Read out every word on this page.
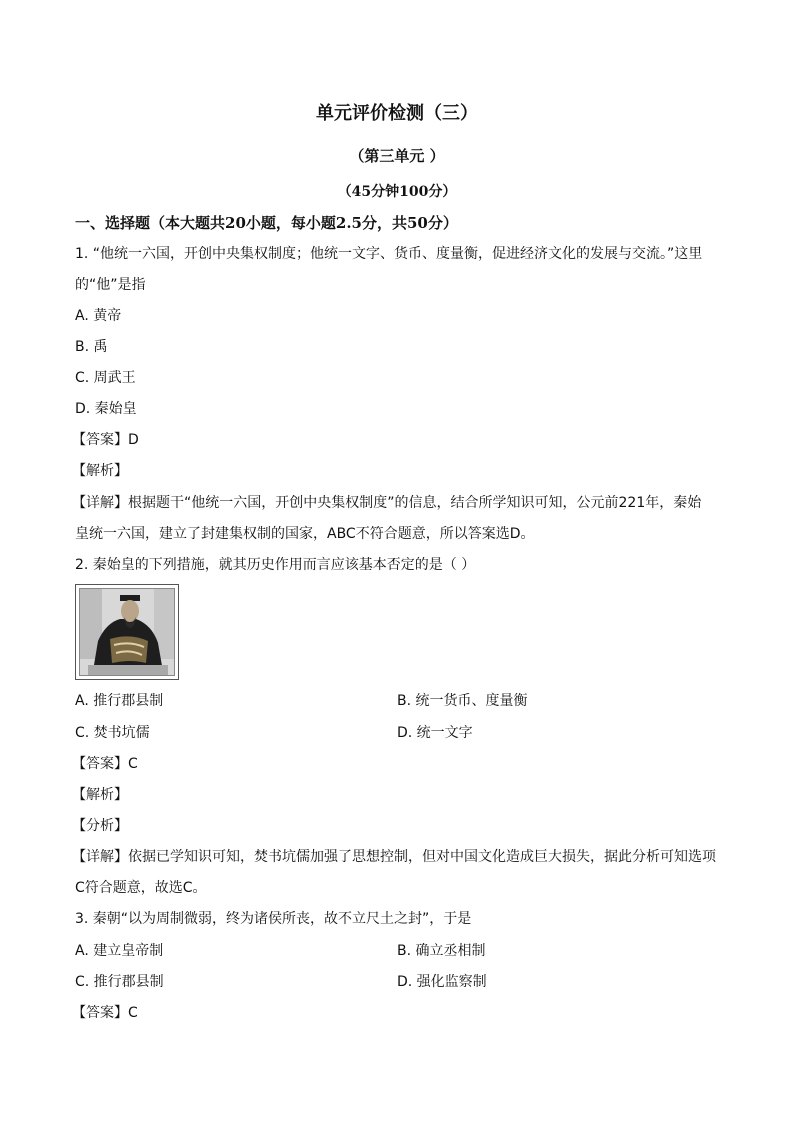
单元评价检测（三）
（第三单元 ）
（45分钟100分）
一、选择题（本大题共20小题，每小题2.5分，共50分）
1. “他统一六国，开创中央集权制度；他统一文字、货币、度量衡，促进经济文化的发展与交流。”这里
的“他”是指
A. 黄帝
B. 禹
C. 周武王
D. 秦始皇
【答案】D
【解析】
【详解】根据题干“他统一六国，开创中央集权制度”的信息，结合所学知识可知，公元前221年，秦始
皇统一六国，建立了封建集权制的国家，ABC不符合题意，所以答案选D。
2. 秦始皇的下列措施，就其历史作用而言应该基本否定的是（ ）
A. 推行郡县制	B. 统一货币、度量衡
C. 焚书坑儒	D. 统一文字
【答案】C
【解析】
【分析】
【详解】依据已学知识可知，焚书坑儒加强了思想控制，但对中国文化造成巨大损失，据此分析可知选项
C符合题意，故选C。
3. 秦朝“以为周制微弱，终为诸侯所丧，故不立尺土之封”，于是
A. 建立皇帝制	B. 确立丞相制
C. 推行郡县制	D. 强化监察制
【答案】C
